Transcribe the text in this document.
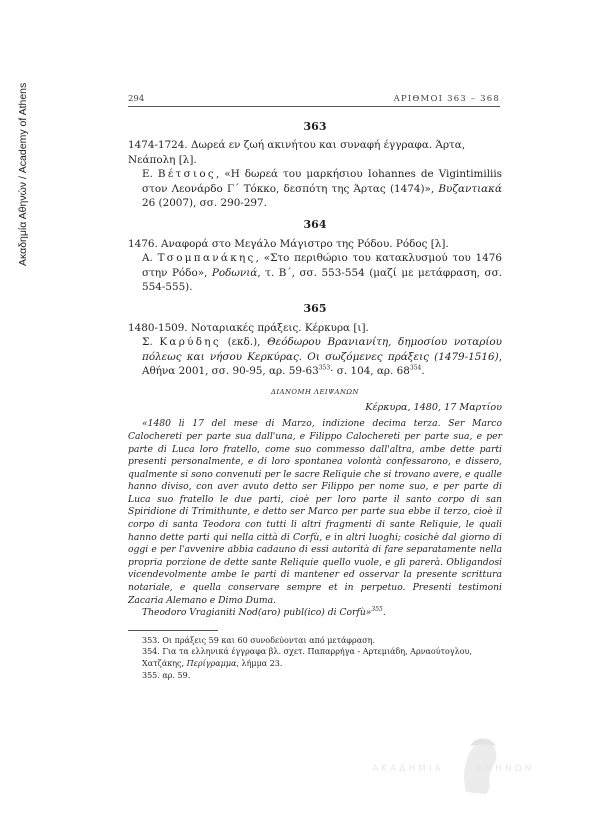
Ακαδημία Αθηνών / Academy of Athens	294	ΑΡΙΘΜΟΙ 363 – 368

363

1474-1724. Δωρεά εν ζωή ακινήτου και συναφή έγγραφα. Άρτα, Νεάπολη [λ].

Ε. Βέτσιος, «Η δωρεά του μαρκήσιου Iohannes de Vigintimiliis στον Λεονάρδο Γ΄ Τόκκο, δεσπότη της Άρτας (1474)», Βυζαντιακά 26 (2007), σσ. 290-297.

364

1476. Αναφορά στο Μεγάλο Μάγιστρο της Ρόδου. Ρόδος [λ].

Α. Τσομπανάκης, «Στο περιθώριο του κατακλυσμού του 1476 στην Ρόδο», Ροδωνιά, τ. Β΄, σσ. 553-554 (μαζί με μετάφραση, σσ. 554-555).

365

1480-1509. Νοταριακές πράξεις. Κέρκυρα [ι].

Σ. Καρύδης (εκδ.), Θεόδωρου Βρανιανίτη, δημοσίου νοταρίου πόλεως και νήσου Κερκύρας. Οι σωζόμενες πράξεις (1479-1516), Αθήνα 2001, σσ. 90-95, αρ. $59-63^{353}\cdot \sigma$. 104, αρ. $68^{354}$.

ΔΙΑΝΟΜΗ ΛΕΙΨΑΝΩΝ

Κέρκυρα, 1480, 17 Μαρτίου

«1480 li 17 del mese di Marzo, indizione decima terza. Ser Marco Calochereti per parte sua dall'una, e Filippo Calochereti per parte sua, e per parte di Luca loro fratello, come suo commesso dall'altra, ambe dette parti presenti personalmente, e di loro spontanea volontà confessarono, e dissero, qualmente si sono convenuti per le sacre Reliquie che si trovano avere, e qualle hanno diviso, con aver avuto detto ser Filippo per nome suo, e per parte di Luca suo fratello le due parti, cioè per loro parte il santo corpo di san Spiridione di Trimithunte, e detto ser Marco per parte sua ebbe il terzo, cioè il corpo di santa Teodora con tutti li altri fragmenti di sante Reliquie, le quali hanno dette parti qui nella città di Corfù, e in altri luoghi; cosichè dal giorno di oggi e per l'avvenire abbia cadauno di essi autorità di fare separatamente nella propria porzione de dette sante Reliquie quello vuole, e gli parerà. Obligandosi vicendevolmente ambe le parti di mantener ed osservar la presente scrittura notariale, e quella conservare sempre et in perpetuo. Presenti testimoni Zacaria Alemano e Dimo Duma.

Theodoro Vragianiti Nod(aro) publ(ico) di Corfù»$^{355}$.

353. Οι πράξεις 59 και 60 συνοδεύονται από μετάφραση.

354. Για τα ελληνικά έγγραφα βλ. σχετ. Παπαρρήγα - Αρτεμιάδη, Αρναούτογλου, Χατζάκης, Περίγραμμα, λήμμα 23.

355. αρ. 59.

ΑΚΑΔΗΜΙΑ	ΑΘΗΝΩΝ
